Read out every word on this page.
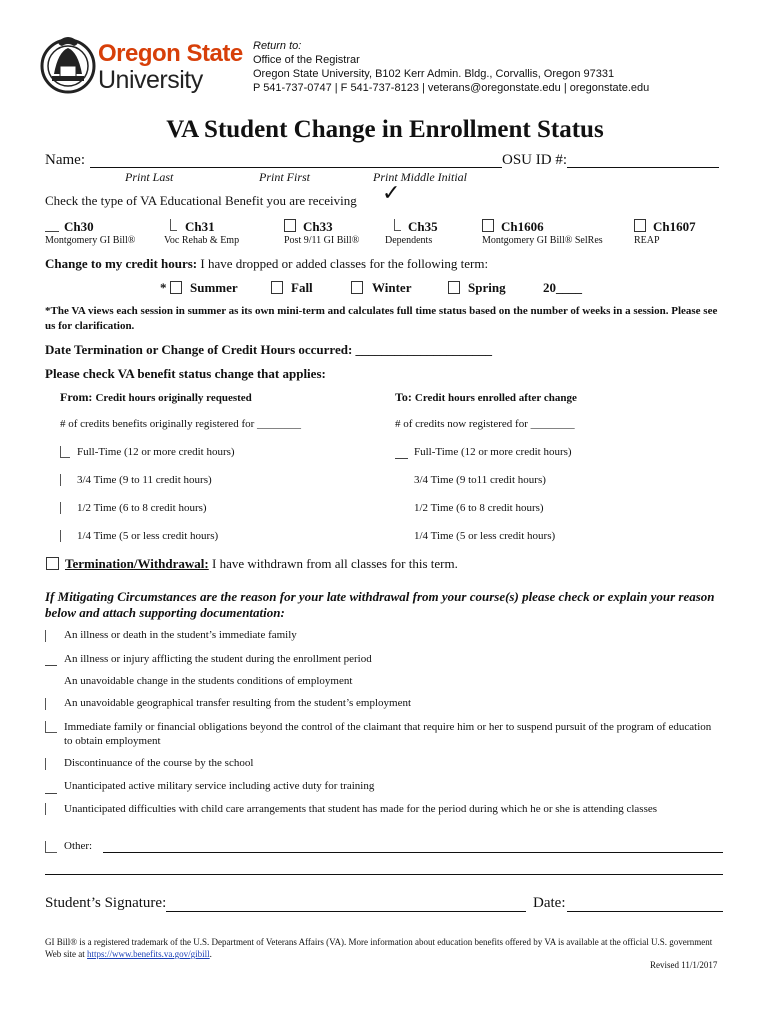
Oregon State
University
Return to:
Office of the Registrar
Oregon State University, B102 Kerr Admin. Bldg., Corvallis, Oregon 97331
P 541-737-0747 | F 541-737-8123 | veterans@oregonstate.edu | oregonstate.edu
VA Student Change in Enrollment Status
Name:	OSU ID #:
Print Last	Print First	Print Middle Initial
Check the type of VA Educational Benefit you are receiving ✓
Ch30
Montgomery GI Bill®
Ch31
Voc Rehab & Emp
Ch33
Post 9/11 GI Bill®
Ch35
Dependents
Ch1606
Montgomery GI Bill® SelRes
Ch1607
REAP
Change to my credit hours: I have dropped or added classes for the following term:
* Summer	Fall	Winter	Spring	20____
*The VA views each session in summer as its own mini-term and calculates full time status based on the number of weeks in a session. Please see us for clarification.
Date Termination or Change of Credit Hours occurred: _____________________
Please check VA benefit status change that applies:
From: Credit hours originally requested	To: Credit hours enrolled after change
# of credits benefits originally registered for ________	# of credits now registered for ________
Full-Time (12 or more credit hours)	Full-Time (12 or more credit hours)
3/4 Time (9 to 11 credit hours)	3/4 Time (9 to11 credit hours)
1/2 Time (6 to 8 credit hours)	1/2 Time (6 to 8 credit hours)
1/4 Time (5 or less credit hours)	1/4 Time (5 or less credit hours)
Termination/Withdrawal: I have withdrawn from all classes for this term.
If Mitigating Circumstances are the reason for your late withdrawal from your course(s) please check or explain your reason below and attach supporting documentation:
An illness or death in the student’s immediate family
An illness or injury afflicting the student during the enrollment period
An unavoidable change in the students conditions of employment
An unavoidable geographical transfer resulting from the student’s employment
Immediate family or financial obligations beyond the control of the claimant that require him or her to suspend pursuit of the program of education to obtain employment
Discontinuance of the course by the school
Unanticipated active military service including active duty for training
Unanticipated difficulties with child care arrangements that student has made for the period during which he or she is attending classes
Other:
Student’s Signature:	Date:
GI Bill® is a registered trademark of the U.S. Department of Veterans Affairs (VA). More information about education benefits offered by VA is available at the official U.S. government Web site at https://www.benefits.va.gov/gibill.
Revised 11/1/2017
